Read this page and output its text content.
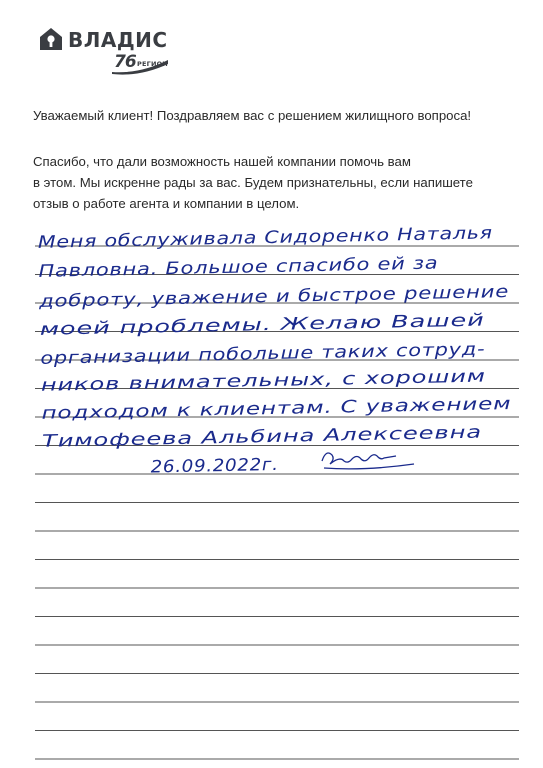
ВЛАДИС
76 РЕГИОН
Уважаемый клиент! Поздравляем вас с решением жилищного вопроса!
Спасибо, что дали возможность нашей компании помочь вам
в этом. Мы искренне рады за вас. Будем признательны, если напишете
отзыв о работе агента и компании в целом.
Меня обслуживала Сидоренко Наталья
Павловна. Большое спасибо ей за
доброту, уважение и быстрое решение
моей проблемы. Желаю Вашей
организации побольше таких сотруд-
ников внимательных, с хорошим
подходом к клиентам. С уважением
Тимофеева Альбина Алексеевна
26.09.2022г.
